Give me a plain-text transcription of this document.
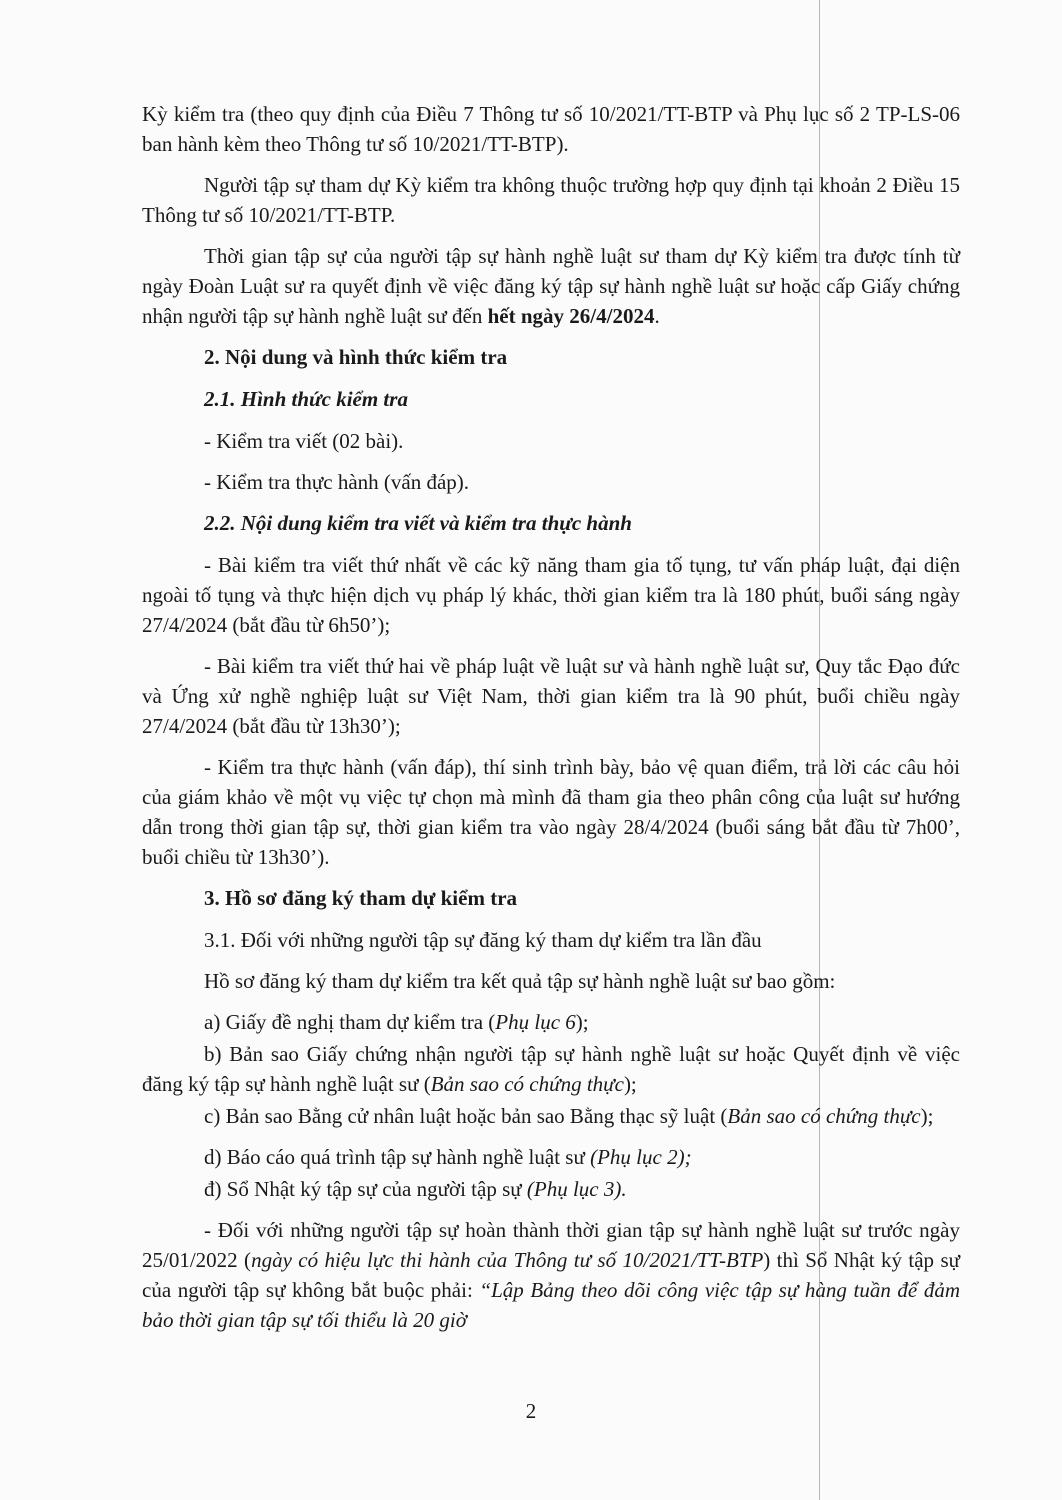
Kỳ kiểm tra (theo quy định của Điều 7 Thông tư số 10/2021/TT-BTP và Phụ lục số 2 TP-LS-06 ban hành kèm theo Thông tư số 10/2021/TT-BTP).

Người tập sự tham dự Kỳ kiểm tra không thuộc trường hợp quy định tại khoản 2 Điều 15 Thông tư số 10/2021/TT-BTP.

Thời gian tập sự của người tập sự hành nghề luật sư tham dự Kỳ kiểm tra được tính từ ngày Đoàn Luật sư ra quyết định về việc đăng ký tập sự hành nghề luật sư hoặc cấp Giấy chứng nhận người tập sự hành nghề luật sư đến hết ngày 26/4/2024.

2. Nội dung và hình thức kiểm tra

2.1. Hình thức kiểm tra

- Kiểm tra viết (02 bài).

- Kiểm tra thực hành (vấn đáp).

2.2. Nội dung kiểm tra viết và kiểm tra thực hành

- Bài kiểm tra viết thứ nhất về các kỹ năng tham gia tố tụng, tư vấn pháp luật, đại diện ngoài tố tụng và thực hiện dịch vụ pháp lý khác, thời gian kiểm tra là 180 phút, buổi sáng ngày 27/4/2024 (bắt đầu từ 6h50’);

- Bài kiểm tra viết thứ hai về pháp luật về luật sư và hành nghề luật sư, Quy tắc Đạo đức và Ứng xử nghề nghiệp luật sư Việt Nam, thời gian kiểm tra là 90 phút, buổi chiều ngày 27/4/2024 (bắt đầu từ 13h30’);

- Kiểm tra thực hành (vấn đáp), thí sinh trình bày, bảo vệ quan điểm, trả lời các câu hỏi của giám khảo về một vụ việc tự chọn mà mình đã tham gia theo phân công của luật sư hướng dẫn trong thời gian tập sự, thời gian kiểm tra vào ngày 28/4/2024 (buổi sáng bắt đầu từ 7h00’, buổi chiều từ 13h30’).

3. Hồ sơ đăng ký tham dự kiểm tra

3.1. Đối với những người tập sự đăng ký tham dự kiểm tra lần đầu

Hồ sơ đăng ký tham dự kiểm tra kết quả tập sự hành nghề luật sư bao gồm:

a) Giấy đề nghị tham dự kiểm tra (Phụ lục 6);

b) Bản sao Giấy chứng nhận người tập sự hành nghề luật sư hoặc Quyết định về việc đăng ký tập sự hành nghề luật sư (Bản sao có chứng thực);

c) Bản sao Bằng cử nhân luật hoặc bản sao Bằng thạc sỹ luật (Bản sao có chứng thực);

d) Báo cáo quá trình tập sự hành nghề luật sư (Phụ lục 2);

đ) Sổ Nhật ký tập sự của người tập sự (Phụ lục 3).

- Đối với những người tập sự hoàn thành thời gian tập sự hành nghề luật sư trước ngày 25/01/2022 (ngày có hiệu lực thi hành của Thông tư số 10/2021/TT-BTP) thì Sổ Nhật ký tập sự của người tập sự không bắt buộc phải: “Lập Bảng theo dõi công việc tập sự hàng tuần để đảm bảo thời gian tập sự tối thiểu là 20 giờ

2
